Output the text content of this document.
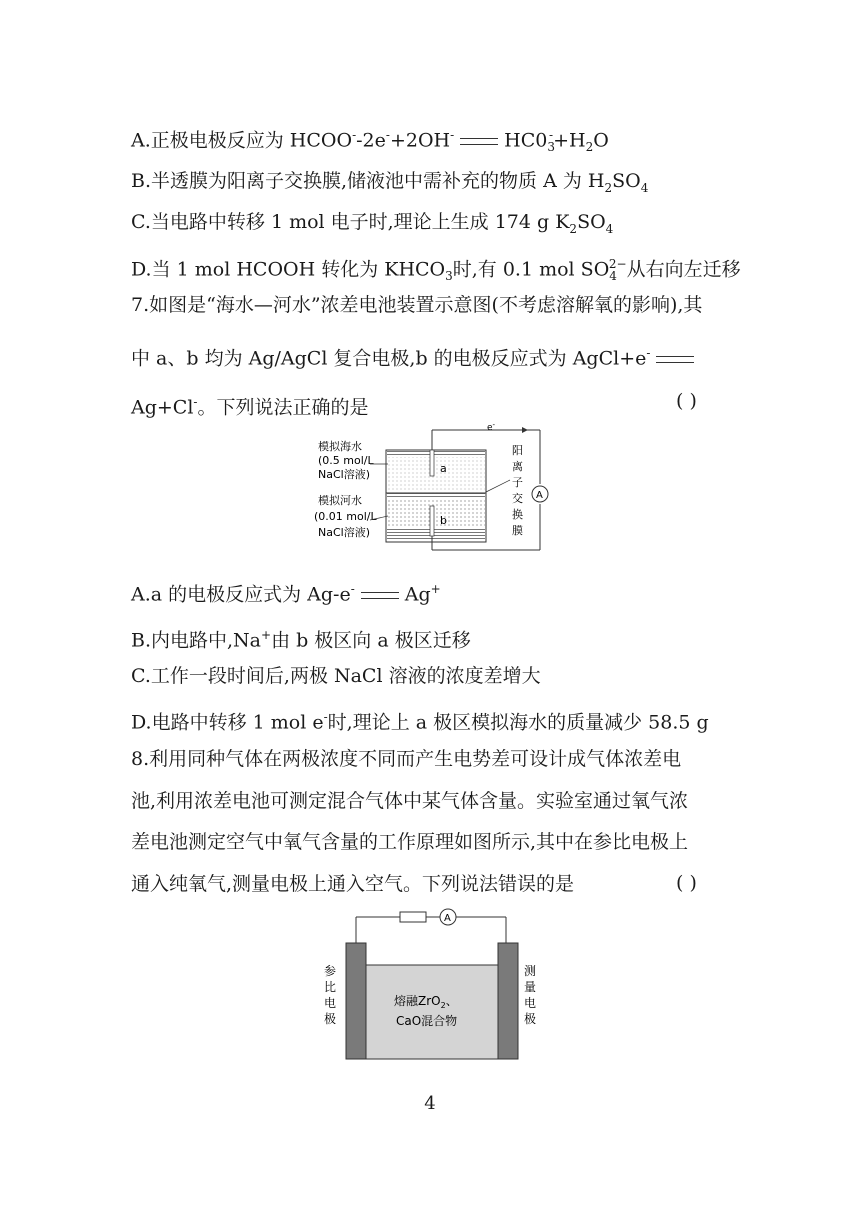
A.正极电极反应为 HCOO--2e-+2OH-	$HC0_3^-+H_2O$
B.半透膜为阳离子交换膜,储液池中需补充的物质 A 为 $H_2SO_4$
C.当电路中转移 1 mol 电子时,理论上生成 174 g $K_2SO_4$
D.当 1 mol HCOOH 转化为 $KHCO_3$时,有 0.1 mol $SO_4^{2-}$从右向左迁移
7.如图是“海水—河水”浓差电池装置示意图(不考虑溶解氧的影响),其
中 a、b 均为 Ag/AgCl 复合电极,b 的电极反应式为 AgCl+e-
Ag+Cl-。下列说法正确的是	( )
A
e-
a
b
模拟海水
(0.5 mol/L
NaCl溶液)
模拟河水
(0.01 mol/L
NaCl溶液)
阳
离
子
交
换
膜
A.a 的电极反应式为 Ag-e-	Ag+
B.内电路中,Na+由 b 极区向 a 极区迁移
C.工作一段时间后,两极 NaCl 溶液的浓度差增大
D.电路中转移 1 mol e-时,理论上 a 极区模拟海水的质量减少 58.5 g
8.利用同种气体在两极浓度不同而产生电势差可设计成气体浓差电
池,利用浓差电池可测定混合气体中某气体含量。实验室通过氧气浓
差电池测定空气中氧气含量的工作原理如图所示,其中在参比电极上
通入纯氧气,测量电极上通入空气。下列说法错误的是	( )
A
参
比
电
极
测
量
电
极
熔融ZrO$_2$、
CaO混合物
4
